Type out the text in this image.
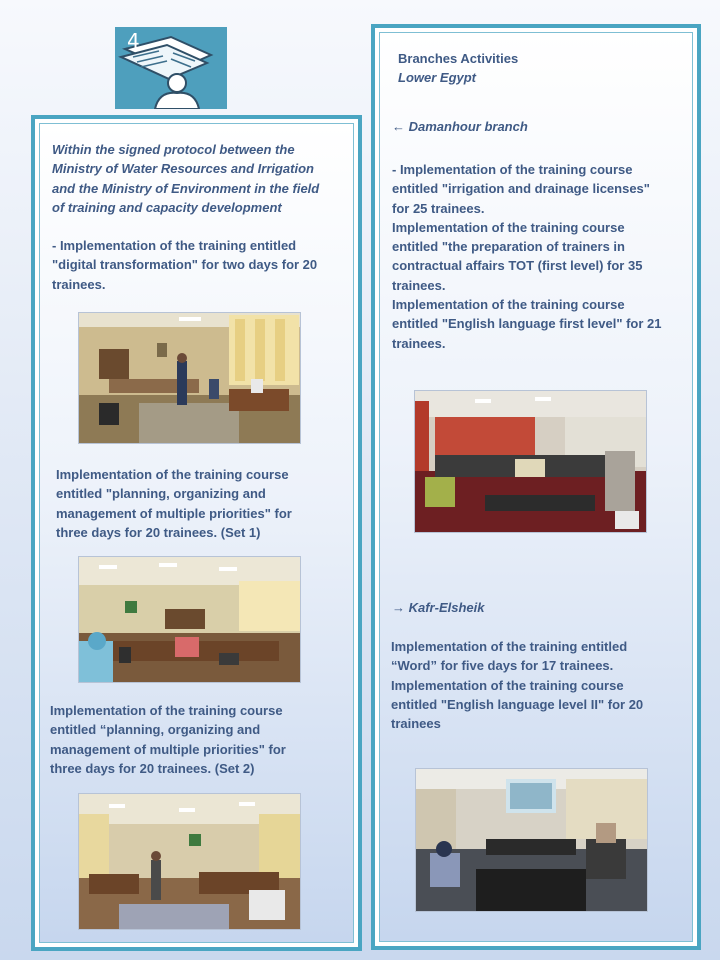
4

Within the signed protocol between the
Ministry of Water Resources and Irrigation
and the Ministry of Environment in the field
of training and capacity development

- Implementation of the training entitled
"digital transformation" for two days for 20
trainees.

Implementation of the training course
entitled "planning, organizing and
management of multiple priorities" for
three days for 20 trainees. (Set 1)

Implementation of the training course
entitled “planning, organizing and
management of multiple priorities" for
three days for 20 trainees. (Set 2)

Branches Activities
Lower Egypt

← Damanhour branch

- Implementation of the training course
entitled "irrigation and drainage licenses"
for 25 trainees.
Implementation of the training course
entitled "the preparation of trainers in
contractual affairs TOT (first level) for 35
trainees.
Implementation of the training course
entitled "English language first level" for 21
trainees.

→ Kafr-Elsheik

Implementation of the training entitled
“Word” for five days for 17 trainees.
Implementation of the training course
entitled "English language level II" for 20
trainees
